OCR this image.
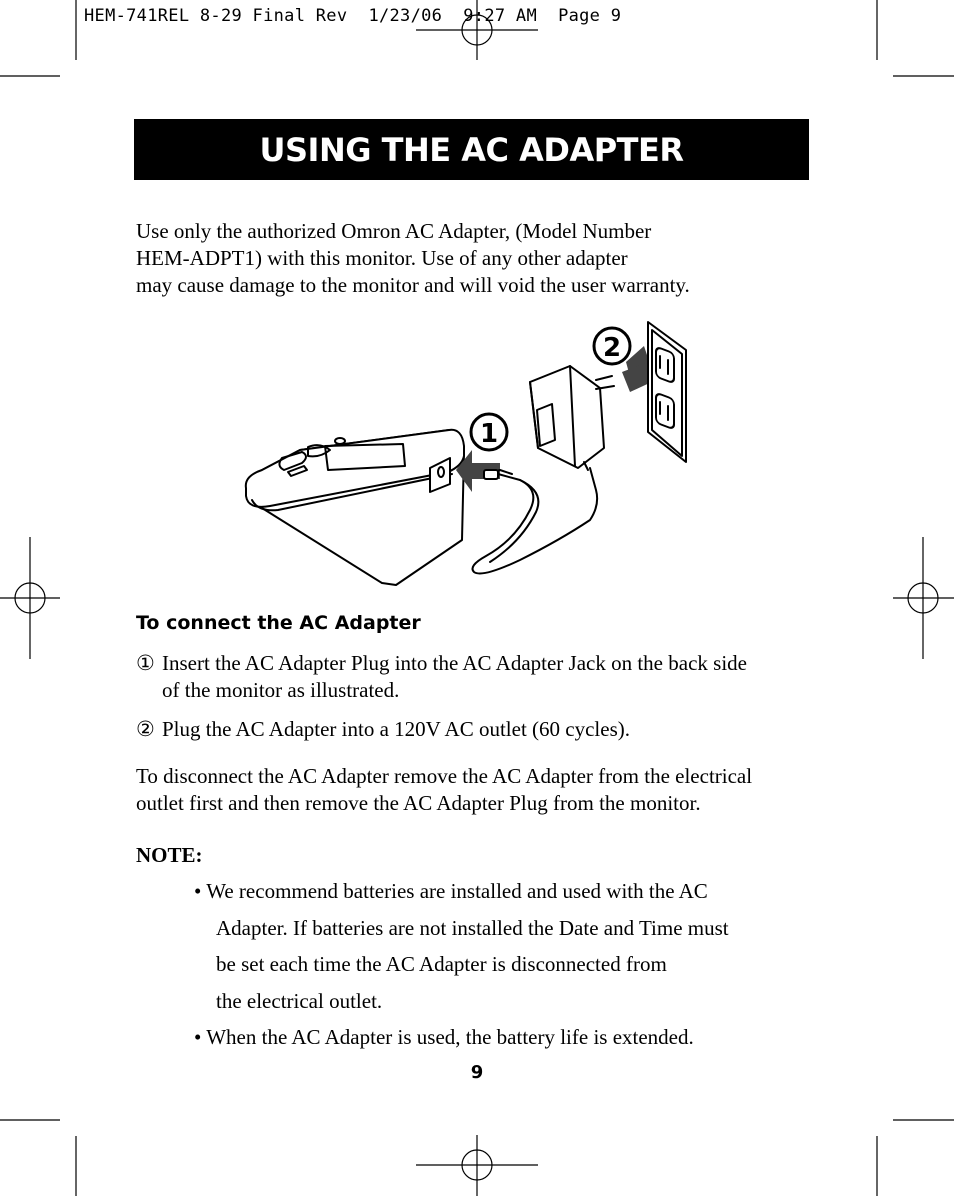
HEM-741REL 8-29 Final Rev  1/23/06  9:27 AM  Page 9
USING THE AC ADAPTER
Use only the authorized Omron AC Adapter, (Model Number
HEM-ADPT1) with this monitor. Use of any other adapter
may cause damage to the monitor and will void the user warranty.
1
2
To connect the AC Adapter
① Insert the AC Adapter Plug into the AC Adapter Jack on the back side
of the monitor as illustrated.
② Plug the AC Adapter into a 120V AC outlet (60 cycles).
To disconnect the AC Adapter remove the AC Adapter from the electrical
outlet first and then remove the AC Adapter Plug from the monitor.
NOTE:
• We recommend batteries are installed and used with the AC
Adapter. If batteries are not installed the Date and Time must
be set each time the AC Adapter is disconnected from
the electrical outlet.
• When the AC Adapter is used, the battery life is extended.
9
